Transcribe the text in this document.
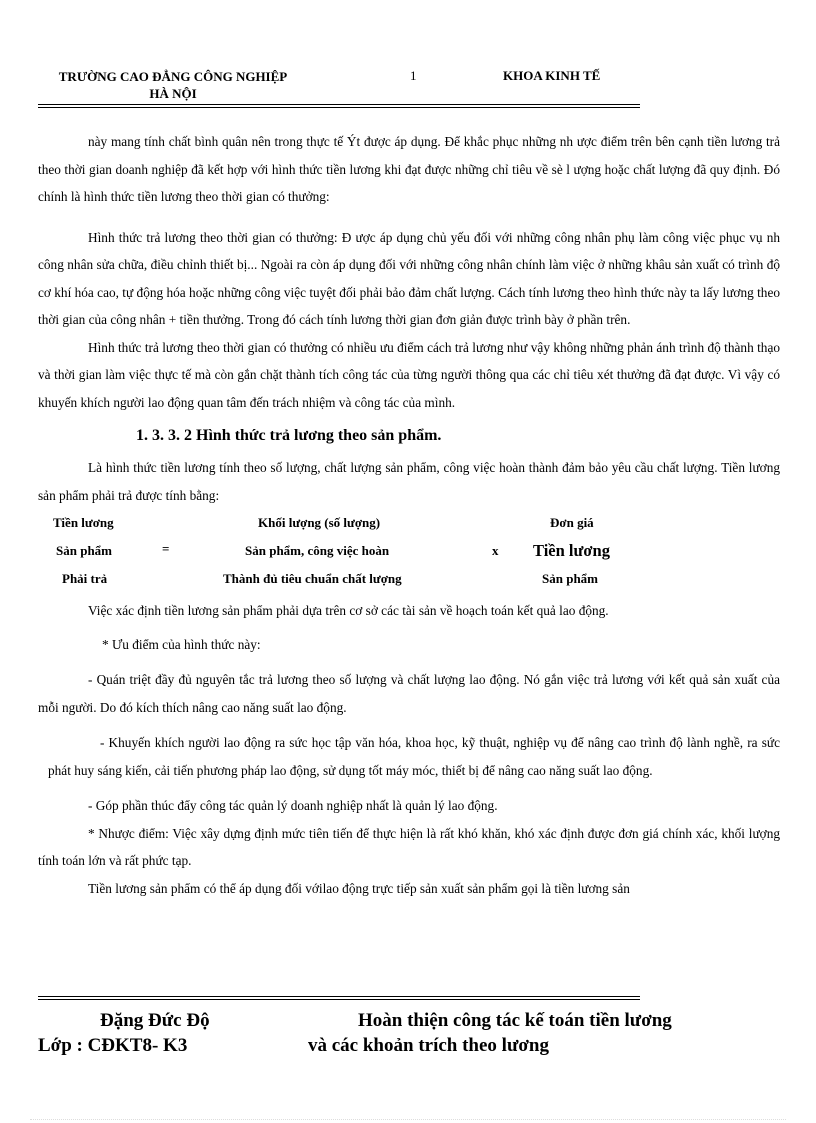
TRƯỜNG CAO ĐẲNG CÔNG NGHIỆP
HÀ NỘI
1	KHOA KINH TẾ

này mang tính chất bình quân nên trong thực tế Ýt được áp dụng. Để khắc phục những nh ược điểm trên bên cạnh tiền lương trả theo thời gian doanh nghiệp đã kết hợp với hình thức tiền lương khi đạt được những chỉ tiêu về sè l ượng hoặc chất lượng đã quy định. Đó chính là hình thức tiền lương theo thời gian có thưởng:

Hình thức trả lương theo thời gian có thưởng: Đ ược áp dụng chủ yếu đối với những công nhân phụ làm công việc phục vụ nh công nhân sửa chữa, điều chỉnh thiết bị... Ngoài ra còn áp dụng đối với những công nhân chính làm việc ở những khâu sản xuất có trình độ cơ khí hóa cao, tự động hóa hoặc những công việc tuyệt đối phải bảo đảm chất lượng. Cách tính lương theo hình thức này ta lấy lương theo thời gian của công nhân + tiền thưởng. Trong đó cách tính lương thời gian đơn giản được trình bày ở phần trên.

Hình thức trả lương theo thời gian có thưởng có nhiều ưu điểm cách trả lương như vậy không những phản ánh trình độ thành thạo và thời gian làm việc thực tế mà còn gắn chặt thành tích công tác của từng người thông qua các chỉ tiêu xét thưởng đã đạt được. Vì vậy có khuyến khích người lao động quan tâm đến trách nhiệm và công tác của mình.

1. 3. 3. 2 Hình thức trả lương theo sản phẩm.

Là hình thức tiền lương tính theo số lượng, chất lượng sản phẩm, công việc hoàn thành đảm bảo yêu cầu chất lượng. Tiền lương sản phẩm phải trả được tính bằng:

Tiền lương
Sản phẩm
Phải trả
=
Khối lượng (số lượng)
Sản phẩm, công việc hoàn
Thành đủ tiêu chuẩn chất lượng
x
Đơn giá
Tiền lương
Sản phẩm

Việc xác định tiền lương sản phẩm phải dựa trên cơ sở các tài sản về hoạch toán kết quả lao động.

* Ưu điểm của hình thức này:

- Quán triệt đầy đủ nguyên tắc trả lương theo số lượng và chất lượng lao động. Nó gắn việc trả lương với kết quả sản xuất của mỗi người. Do đó kích thích nâng cao năng suất lao động.

- Khuyến khích người lao động ra sức học tập văn hóa, khoa học, kỹ thuật, nghiệp vụ để nâng cao trình độ lành nghề, ra sức phát huy sáng kiến, cải tiến phương pháp lao động, sử dụng tốt máy móc, thiết bị để nâng cao năng suất lao động.

- Góp phần thúc đẩy công tác quản lý doanh nghiệp nhất là quản lý lao động.

* Nhược điểm: Việc xây dựng định mức tiên tiến để thực hiện là rất khó khăn, khó xác định được đơn giá chính xác, khối lượng tính toán lớn và rất phức tạp.

Tiền lương sản phẩm có thể áp dụng đối vớilao động trực tiếp sản xuất sản phẩm gọi là tiền lương sản

Đặng Đức Độ
Lớp : CĐKT8- K3
Hoàn thiện công tác kế toán tiền lương
và các khoản trích theo lương
